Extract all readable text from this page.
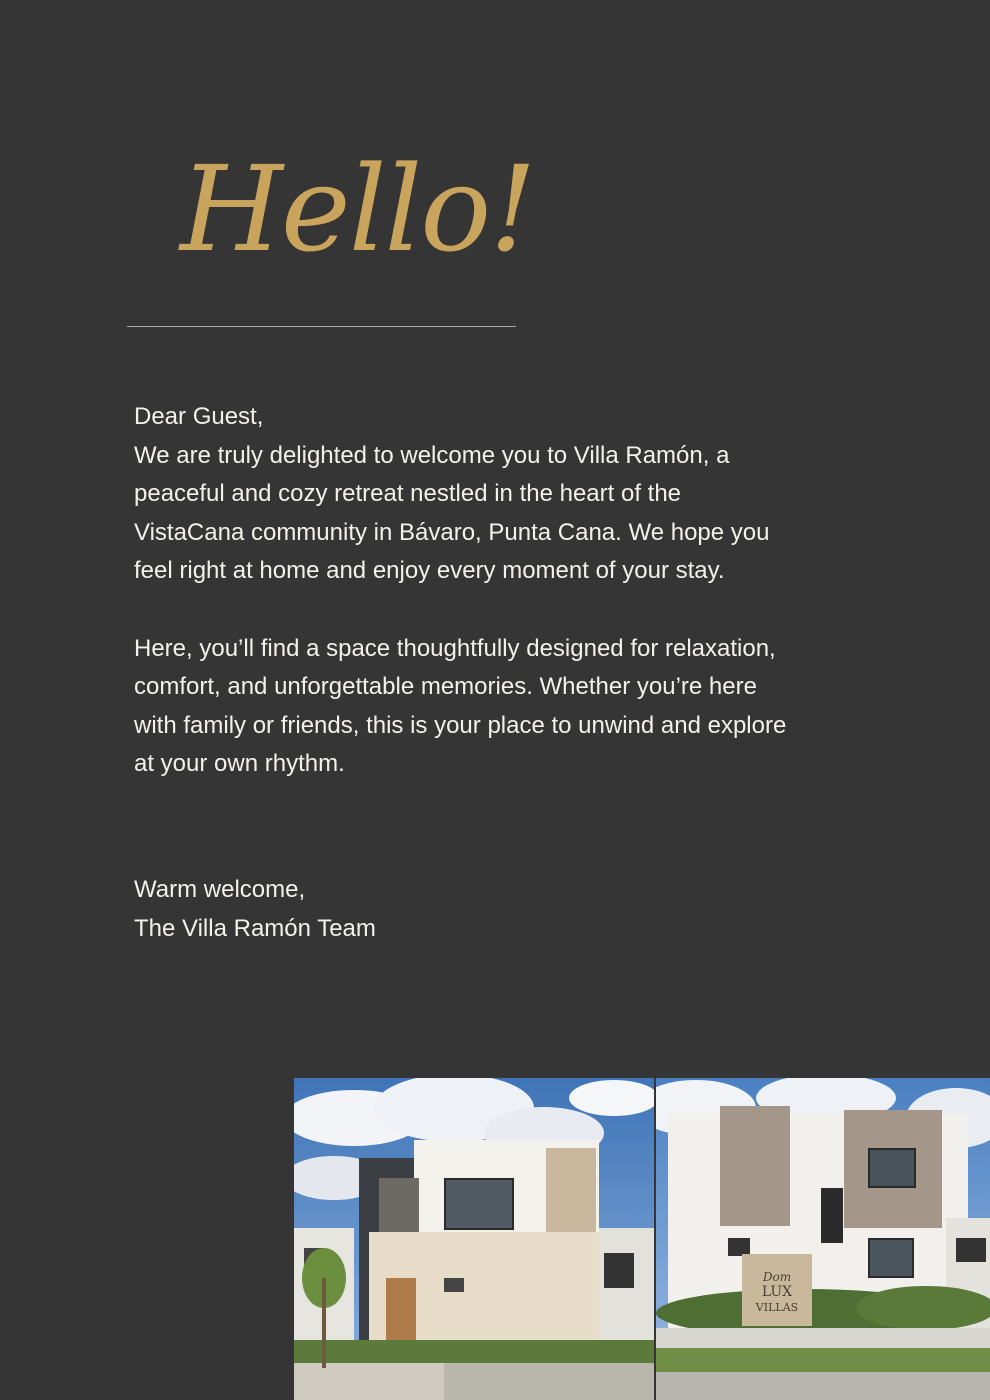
Hello!

Dear Guest,

We are truly delighted to welcome you to Villa Ramón, a

peaceful and cozy retreat nestled in the heart of the

VistaCana community in Bávaro, Punta Cana. We hope you

feel right at home and enjoy every moment of your stay.

Here, you’ll find a space thoughtfully designed for relaxation,

comfort, and unforgettable memories. Whether you’re here

with family or friends, this is your place to unwind and explore

at your own rhythm.

Warm welcome,

The Villa Ramón Team

Dom
LUX
VILLAS
